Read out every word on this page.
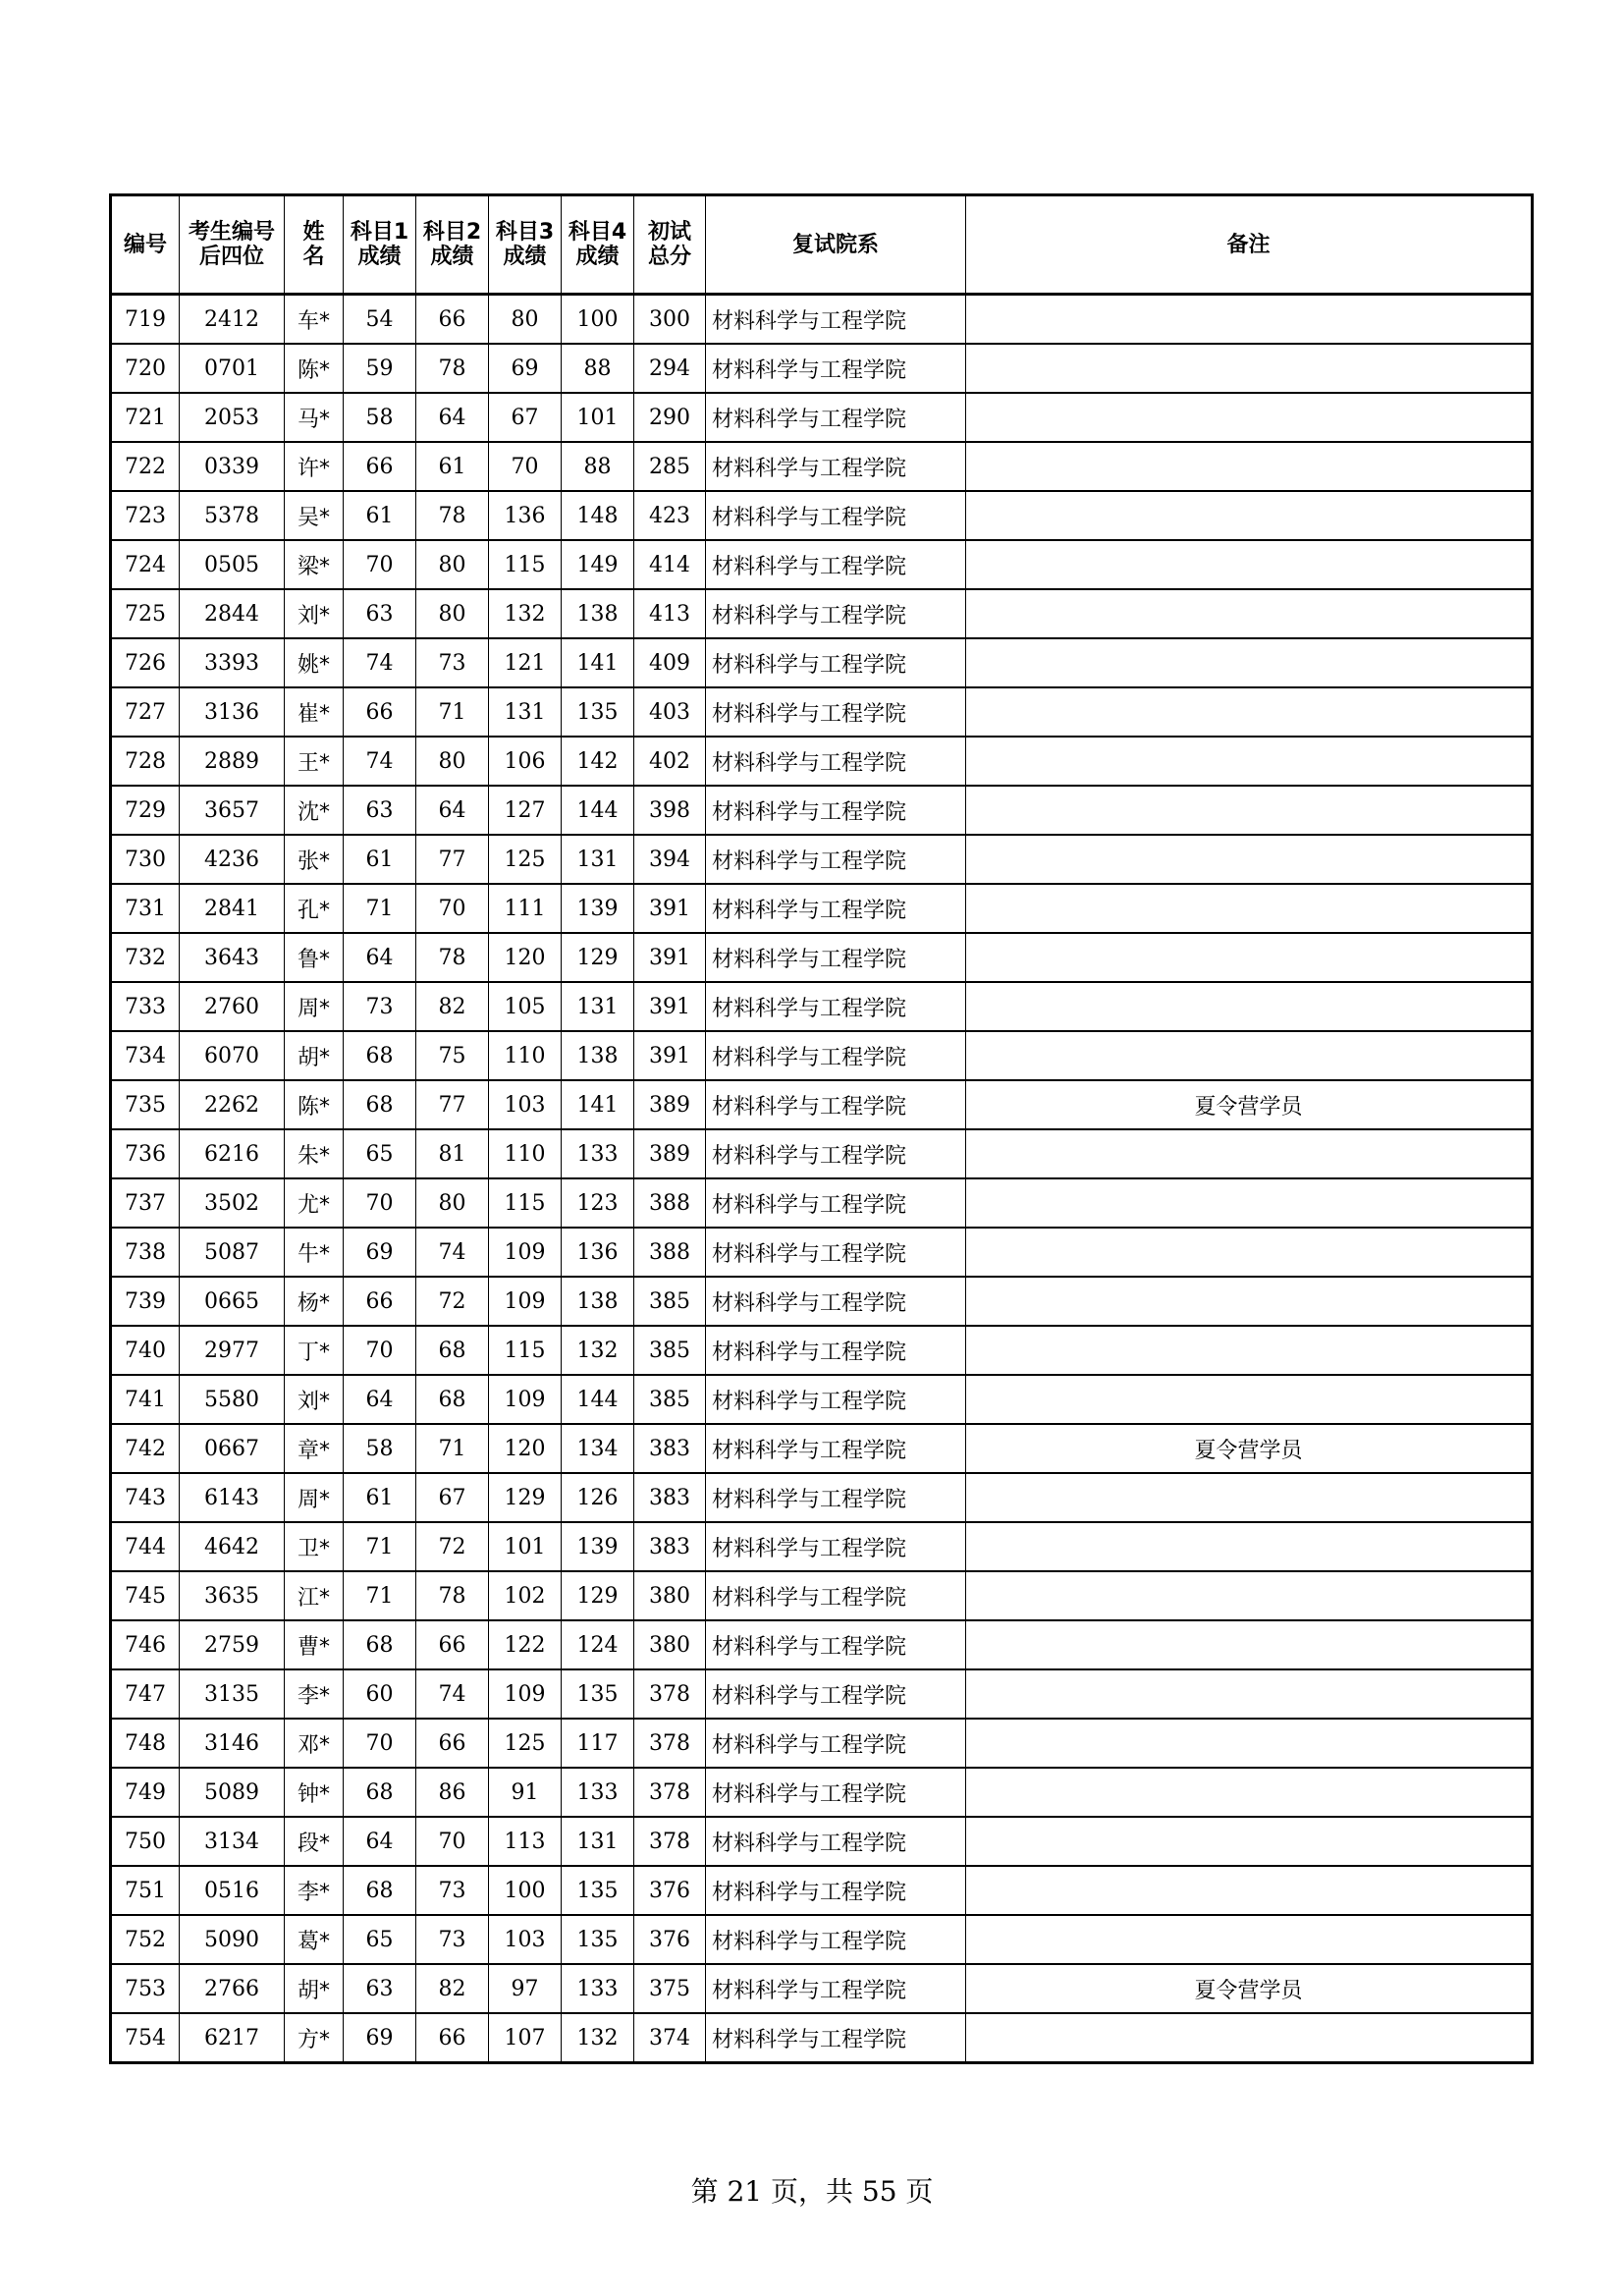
编号	考生编号后四位	姓名	科目1成绩	科目2成绩	科目3成绩	科目4成绩	初试总分	复试院系	备注
719	2412	车*	54	66	80	100	300	材料科学与工程学院	
720	0701	陈*	59	78	69	88	294	材料科学与工程学院	
721	2053	马*	58	64	67	101	290	材料科学与工程学院	
722	0339	许*	66	61	70	88	285	材料科学与工程学院	
723	5378	吴*	61	78	136	148	423	材料科学与工程学院	
724	0505	梁*	70	80	115	149	414	材料科学与工程学院	
725	2844	刘*	63	80	132	138	413	材料科学与工程学院	
726	3393	姚*	74	73	121	141	409	材料科学与工程学院	
727	3136	崔*	66	71	131	135	403	材料科学与工程学院	
728	2889	王*	74	80	106	142	402	材料科学与工程学院	
729	3657	沈*	63	64	127	144	398	材料科学与工程学院	
730	4236	张*	61	77	125	131	394	材料科学与工程学院	
731	2841	孔*	71	70	111	139	391	材料科学与工程学院	
732	3643	鲁*	64	78	120	129	391	材料科学与工程学院	
733	2760	周*	73	82	105	131	391	材料科学与工程学院	
734	6070	胡*	68	75	110	138	391	材料科学与工程学院	
735	2262	陈*	68	77	103	141	389	材料科学与工程学院	夏令营学员
736	6216	朱*	65	81	110	133	389	材料科学与工程学院	
737	3502	尤*	70	80	115	123	388	材料科学与工程学院	
738	5087	牛*	69	74	109	136	388	材料科学与工程学院	
739	0665	杨*	66	72	109	138	385	材料科学与工程学院	
740	2977	丁*	70	68	115	132	385	材料科学与工程学院	
741	5580	刘*	64	68	109	144	385	材料科学与工程学院	
742	0667	章*	58	71	120	134	383	材料科学与工程学院	夏令营学员
743	6143	周*	61	67	129	126	383	材料科学与工程学院	
744	4642	卫*	71	72	101	139	383	材料科学与工程学院	
745	3635	江*	71	78	102	129	380	材料科学与工程学院	
746	2759	曹*	68	66	122	124	380	材料科学与工程学院	
747	3135	李*	60	74	109	135	378	材料科学与工程学院	
748	3146	邓*	70	66	125	117	378	材料科学与工程学院	
749	5089	钟*	68	86	91	133	378	材料科学与工程学院	
750	3134	段*	64	70	113	131	378	材料科学与工程学院	
751	0516	李*	68	73	100	135	376	材料科学与工程学院	
752	5090	葛*	65	73	103	135	376	材料科学与工程学院	
753	2766	胡*	63	82	97	133	375	材料科学与工程学院	夏令营学员
754	6217	方*	69	66	107	132	374	材料科学与工程学院	
第 21 页，共 55 页
